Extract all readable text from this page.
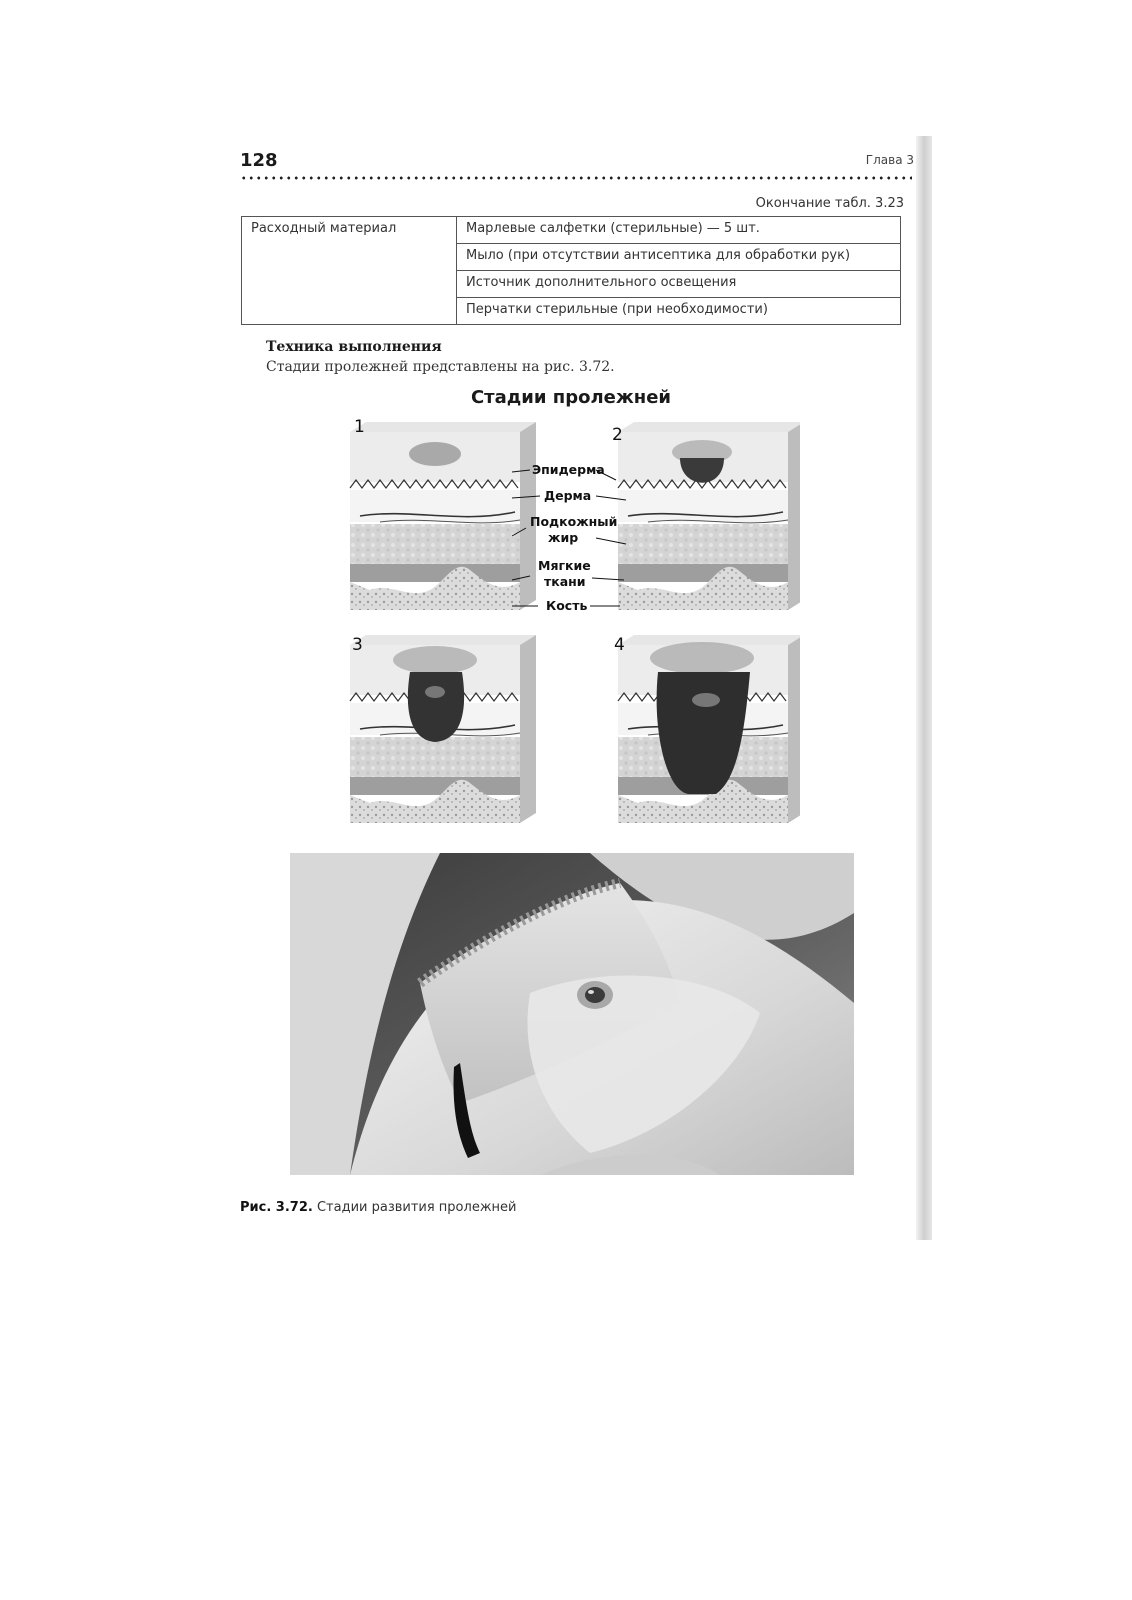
128	Глава 3
Окончание табл. 3.23
Расходный материал	Марлевые салфетки (стерильные) — 5 шт.
Мыло (при отсутствии антисептика для обработки рук)
Источник дополнительного освещения
Перчатки стерильные (при необходимости)
Техника выполнения
Стадии пролежней представлены на рис. 3.72.
Стадии пролежней
1	2
3	4
Эпидерма
Дерма
Подкожный
жир
Мягкие
ткани
Кость
Рис. 3.72. Стадии развития пролежней
